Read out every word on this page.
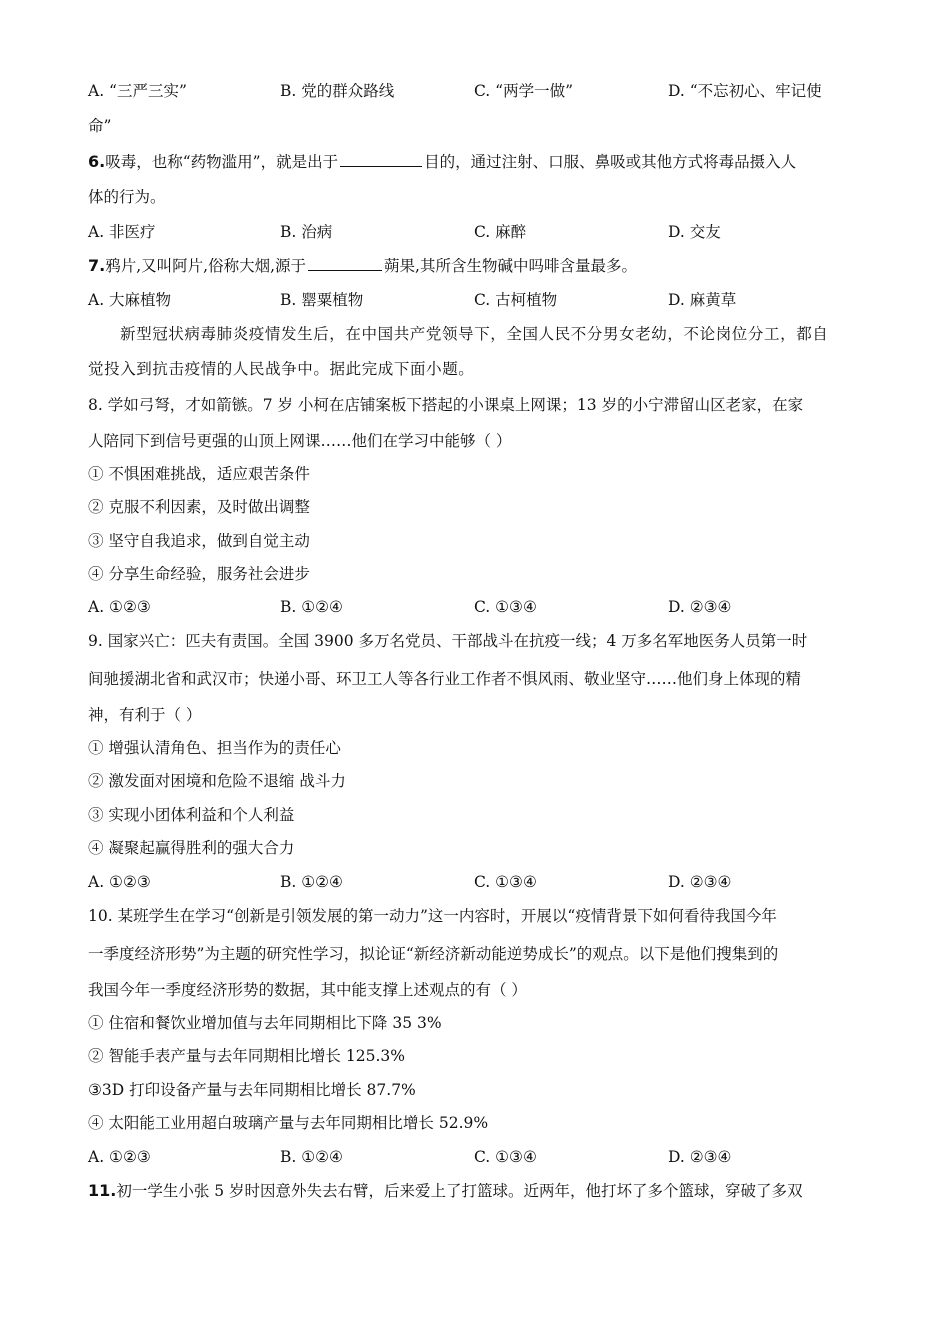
A. “三严三实”	B. 党的群众路线	C. “两学一做”	D. “不忘初心、牢记使
命”
6.吸毒，也称“药物滥用”，就是出于	目的，通过注射、口服、鼻吸或其他方式将毒品摄入人
体的行为。
A. 非医疗	B. 治病	C. 麻醉	D. 交友
7.鸦片,又叫阿片,俗称大烟,源于	蒴果,其所含生物碱中吗啡含量最多。
A. 大麻植物	B. 罂粟植物	C. 古柯植物	D. 麻黄草
新型冠状病毒肺炎疫情发生后，在中国共产党领导下，全国人民不分男女老幼，不论岗位分工，都自
觉投入到抗击疫情的人民战争中。据此完成下面小题。
8. 学如弓弩，才如箭镞。7 岁 小柯在店铺案板下搭起的小课桌上网课；13 岁的小宁滞留山区老家，在家
人陪同下到信号更强的山顶上网课……他们在学习中能够（ ）
① 不惧困难挑战，适应艰苦条件
② 克服不利因素，及时做出调整
③ 坚守自我追求，做到自觉主动
④ 分享生命经验，服务社会进步
A. ①②③	B. ①②④	C. ①③④	D. ②③④
9. 国家兴亡：匹夫有责国。全国 3900 多万名党员、干部战斗在抗疫一线；4 万多名军地医务人员第一时
间驰援湖北省和武汉市；快递小哥、环卫工人等各行业工作者不惧风雨、敬业坚守……他们身上体现的精
神，有利于（ ）
① 增强认清角色、担当作为的责任心
② 激发面对困境和危险不退缩 战斗力
③ 实现小团体利益和个人利益
④ 凝聚起赢得胜利的强大合力
A. ①②③	B. ①②④	C. ①③④	D. ②③④
10. 某班学生在学习“创新是引领发展的第一动力”这一内容时，开展以“疫情背景下如何看待我国今年
一季度经济形势”为主题的研究性学习，拟论证“新经济新动能逆势成长”的观点。以下是他们搜集到的
我国今年一季度经济形势的数据，其中能支撑上述观点的有（ ）
① 住宿和餐饮业增加值与去年同期相比下降 35 3%
② 智能手表产量与去年同期相比增长 125.3%
③3D 打印设备产量与去年同期相比增长 87.7%
④ 太阳能工业用超白玻璃产量与去年同期相比增长 52.9%
A. ①②③	B. ①②④	C. ①③④	D. ②③④
11.初一学生小张 5 岁时因意外失去右臂，后来爱上了打篮球。近两年，他打坏了多个篮球，穿破了多双
